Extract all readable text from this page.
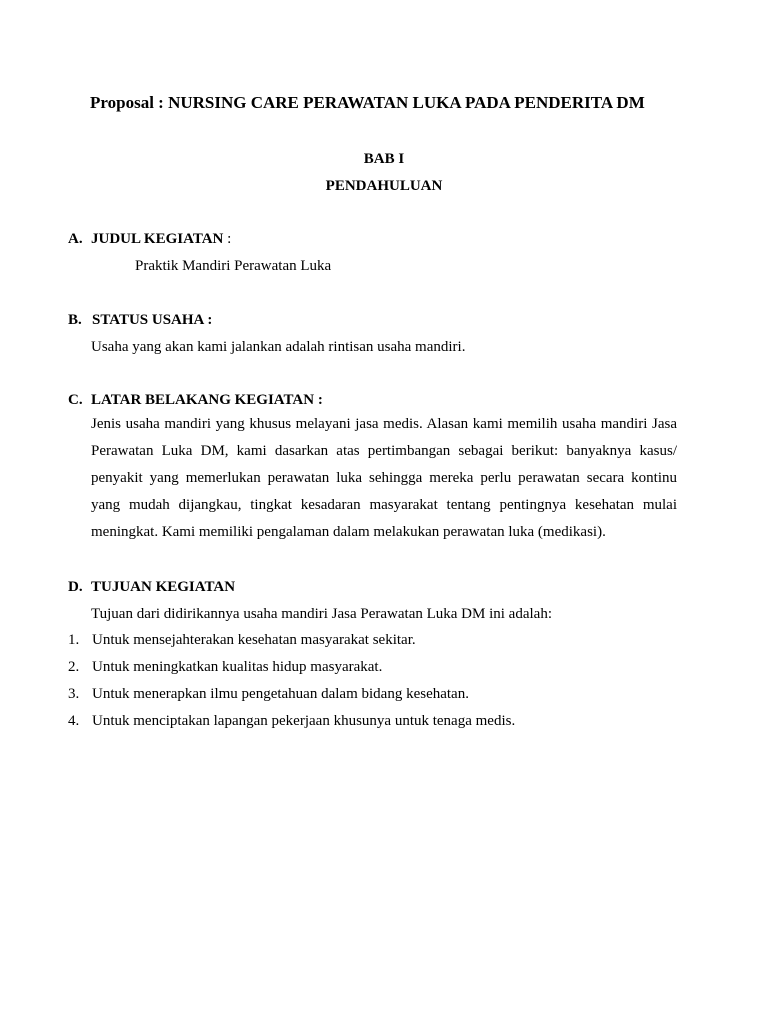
Proposal : NURSING CARE PERAWATAN LUKA PADA PENDERITA DM
BAB I
PENDAHULUAN
A. JUDUL KEGIATAN :
Praktik Mandiri Perawatan Luka
B. STATUS USAHA :
Usaha yang akan kami jalankan adalah rintisan usaha mandiri.
C. LATAR BELAKANG KEGIATAN :
Jenis usaha mandiri yang khusus melayani jasa medis. Alasan kami memilih usaha mandiri Jasa
Perawatan Luka DM, kami dasarkan atas pertimbangan sebagai berikut: banyaknya kasus/
penyakit yang memerlukan perawatan luka sehingga mereka perlu perawatan secara kontinu
yang mudah dijangkau, tingkat kesadaran masyarakat tentang pentingnya kesehatan mulai
meningkat. Kami memiliki pengalaman dalam melakukan perawatan luka (medikasi).
D. TUJUAN KEGIATAN
Tujuan dari didirikannya usaha mandiri Jasa Perawatan Luka DM ini adalah:
1. Untuk mensejahterakan kesehatan masyarakat sekitar.
2. Untuk meningkatkan kualitas hidup masyarakat.
3. Untuk menerapkan ilmu pengetahuan dalam bidang kesehatan.
4. Untuk menciptakan lapangan pekerjaan khusunya untuk tenaga medis.
